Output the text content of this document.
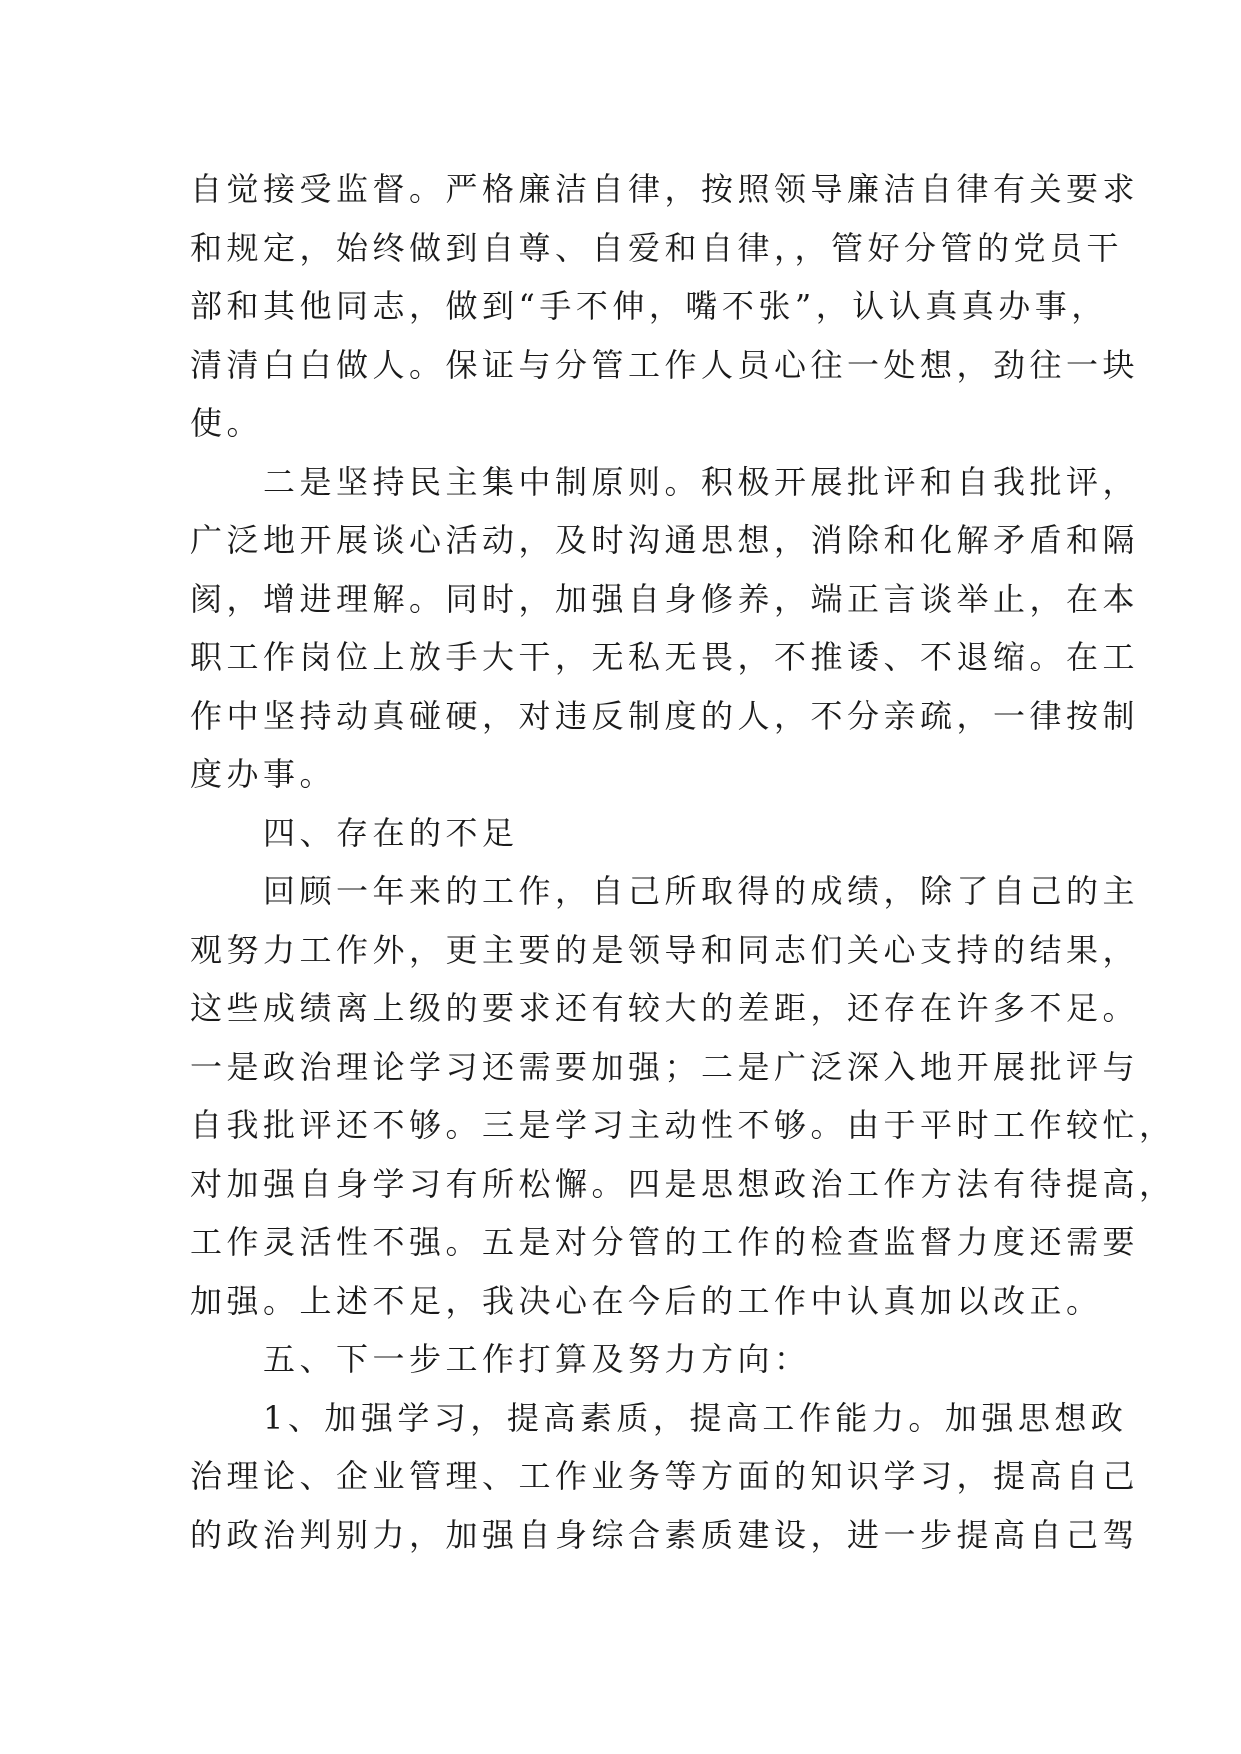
自觉接受监督。严格廉洁自律，按照领导廉洁自律有关要求
和规定，始终做到自尊、自爱和自律，，管好分管的党员干
部和其他同志，做到“手不伸，嘴不张”，认认真真办事，
清清白白做人。保证与分管工作人员心往一处想，劲往一块
使。
　　二是坚持民主集中制原则。积极开展批评和自我批评，
广泛地开展谈心活动，及时沟通思想，消除和化解矛盾和隔
阂，增进理解。同时，加强自身修养，端正言谈举止，在本
职工作岗位上放手大干，无私无畏，不推诿、不退缩。在工
作中坚持动真碰硬，对违反制度的人，不分亲疏，一律按制
度办事。
　　四、存在的不足
　　回顾一年来的工作，自己所取得的成绩，除了自己的主
观努力工作外，更主要的是领导和同志们关心支持的结果，
这些成绩离上级的要求还有较大的差距，还存在许多不足。
一是政治理论学习还需要加强；二是广泛深入地开展批评与
自我批评还不够。三是学习主动性不够。由于平时工作较忙，
对加强自身学习有所松懈。四是思想政治工作方法有待提高，
工作灵活性不强。五是对分管的工作的检查监督力度还需要
加强。上述不足，我决心在今后的工作中认真加以改正。
　　五、下一步工作打算及努力方向：
　　1、加强学习，提高素质，提高工作能力。加强思想政
治理论、企业管理、工作业务等方面的知识学习，提高自己
的政治判别力，加强自身综合素质建设，进一步提高自己驾
